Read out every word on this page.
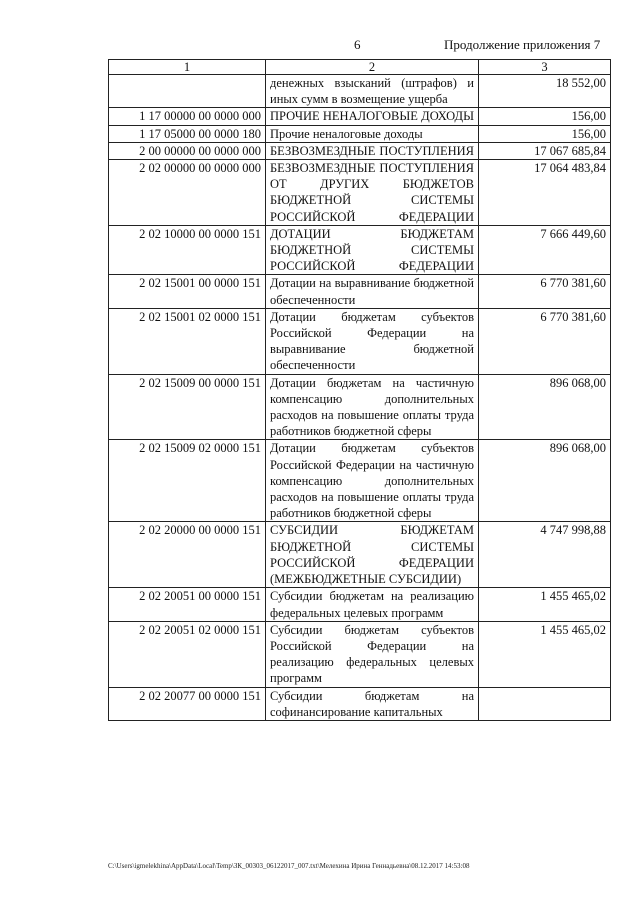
6	Продолжение приложения 7
1	2	3
	денежных взысканий (штрафов) и иных сумм в возмещение ущерба	18 552,00
1 17 00000 00 0000 000	ПРОЧИЕ НЕНАЛОГОВЫЕ ДОХОДЫ	156,00
1 17 05000 00 0000 180	Прочие неналоговые доходы	156,00
2 00 00000 00 0000 000	БЕЗВОЗМЕЗДНЫЕ ПОСТУПЛЕНИЯ	17 067 685,84
2 02 00000 00 0000 000	БЕЗВОЗМЕЗДНЫЕ ПОСТУПЛЕНИЯ ОТ ДРУГИХ БЮДЖЕТОВ БЮДЖЕТНОЙ СИСТЕМЫ РОССИЙСКОЙ ФЕДЕРАЦИИ	17 064 483,84
2 02 10000 00 0000 151	ДОТАЦИИ БЮДЖЕТАМ БЮДЖЕТНОЙ СИСТЕМЫ РОССИЙСКОЙ ФЕДЕРАЦИИ	7 666 449,60
2 02 15001 00 0000 151	Дотации на выравнивание бюджетной обеспеченности	6 770 381,60
2 02 15001 02 0000 151	Дотации бюджетам субъектов Российской Федерации на выравнивание бюджетной обеспеченности	6 770 381,60
2 02 15009 00 0000 151	Дотации бюджетам на частичную компенсацию дополнительных расходов на повышение оплаты труда работников бюджетной сферы	896 068,00
2 02 15009 02 0000 151	Дотации бюджетам субъектов Российской Федерации на частичную компенсацию дополнительных расходов на повышение оплаты труда работников бюджетной сферы	896 068,00
2 02 20000 00 0000 151	СУБСИДИИ БЮДЖЕТАМ БЮДЖЕТНОЙ СИСТЕМЫ РОССИЙСКОЙ ФЕДЕРАЦИИ (МЕЖБЮДЖЕТНЫЕ СУБСИДИИ)	4 747 998,88
2 02 20051 00 0000 151	Субсидии бюджетам на реализацию федеральных целевых программ	1 455 465,02
2 02 20051 02 0000 151	Субсидии бюджетам субъектов Российской Федерации на реализацию федеральных целевых программ	1 455 465,02
2 02 20077 00 0000 151	Субсидии бюджетам на софинансирование капитальных	
C:\Users\igmelekhina\AppData\Local\Temp\ЗК_00303_06122017_007.txt\Мелехина Ирина Геннадьевна\08.12.2017 14:53:08
